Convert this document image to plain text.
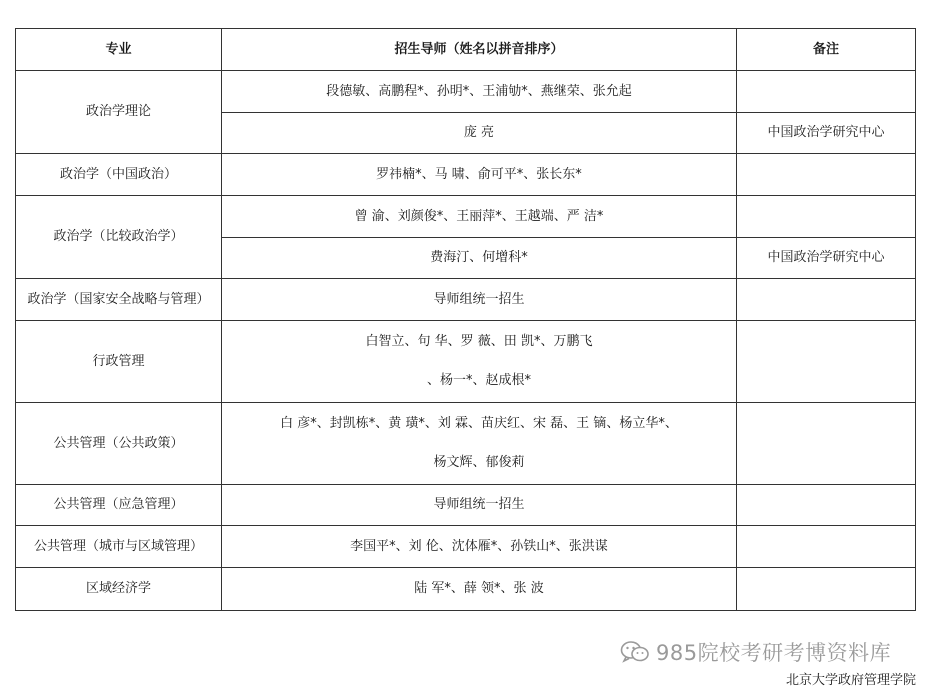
专业	招生导师（姓名以拼音排序）	备注
政治学理论	段德敏、高鹏程*、孙明*、王浦劬*、燕继荣、张允起	
	庞 亮	中国政治学研究中心
政治学（中国政治）	罗祎楠*、马 啸、俞可平*、张长东*	
政治学（比较政治学）	曾 渝、刘颜俊*、王丽萍*、王越端、严 洁*	
	费海汀、何增科*	中国政治学研究中心
政治学（国家安全战略与管理）	导师组统一招生	
行政管理	白智立、句 华、罗 薇、田 凯*、万鹏飞
、杨一*、赵成根*	

公共管理（公共政策）	白 彦*、封凯栋*、黄 璜*、刘 霖、苗庆红、宋 磊、王 镝、杨立华*、
杨文辉、郁俊莉	

公共管理（应急管理）	导师组统一招生	
公共管理（城市与区域管理）	李国平*、刘 伦、沈体雁*、孙铁山*、张洪谋	
区域经济学	陆 军*、薛 领*、张 波	
985院校考研考博资料库
北京大学政府管理学院
